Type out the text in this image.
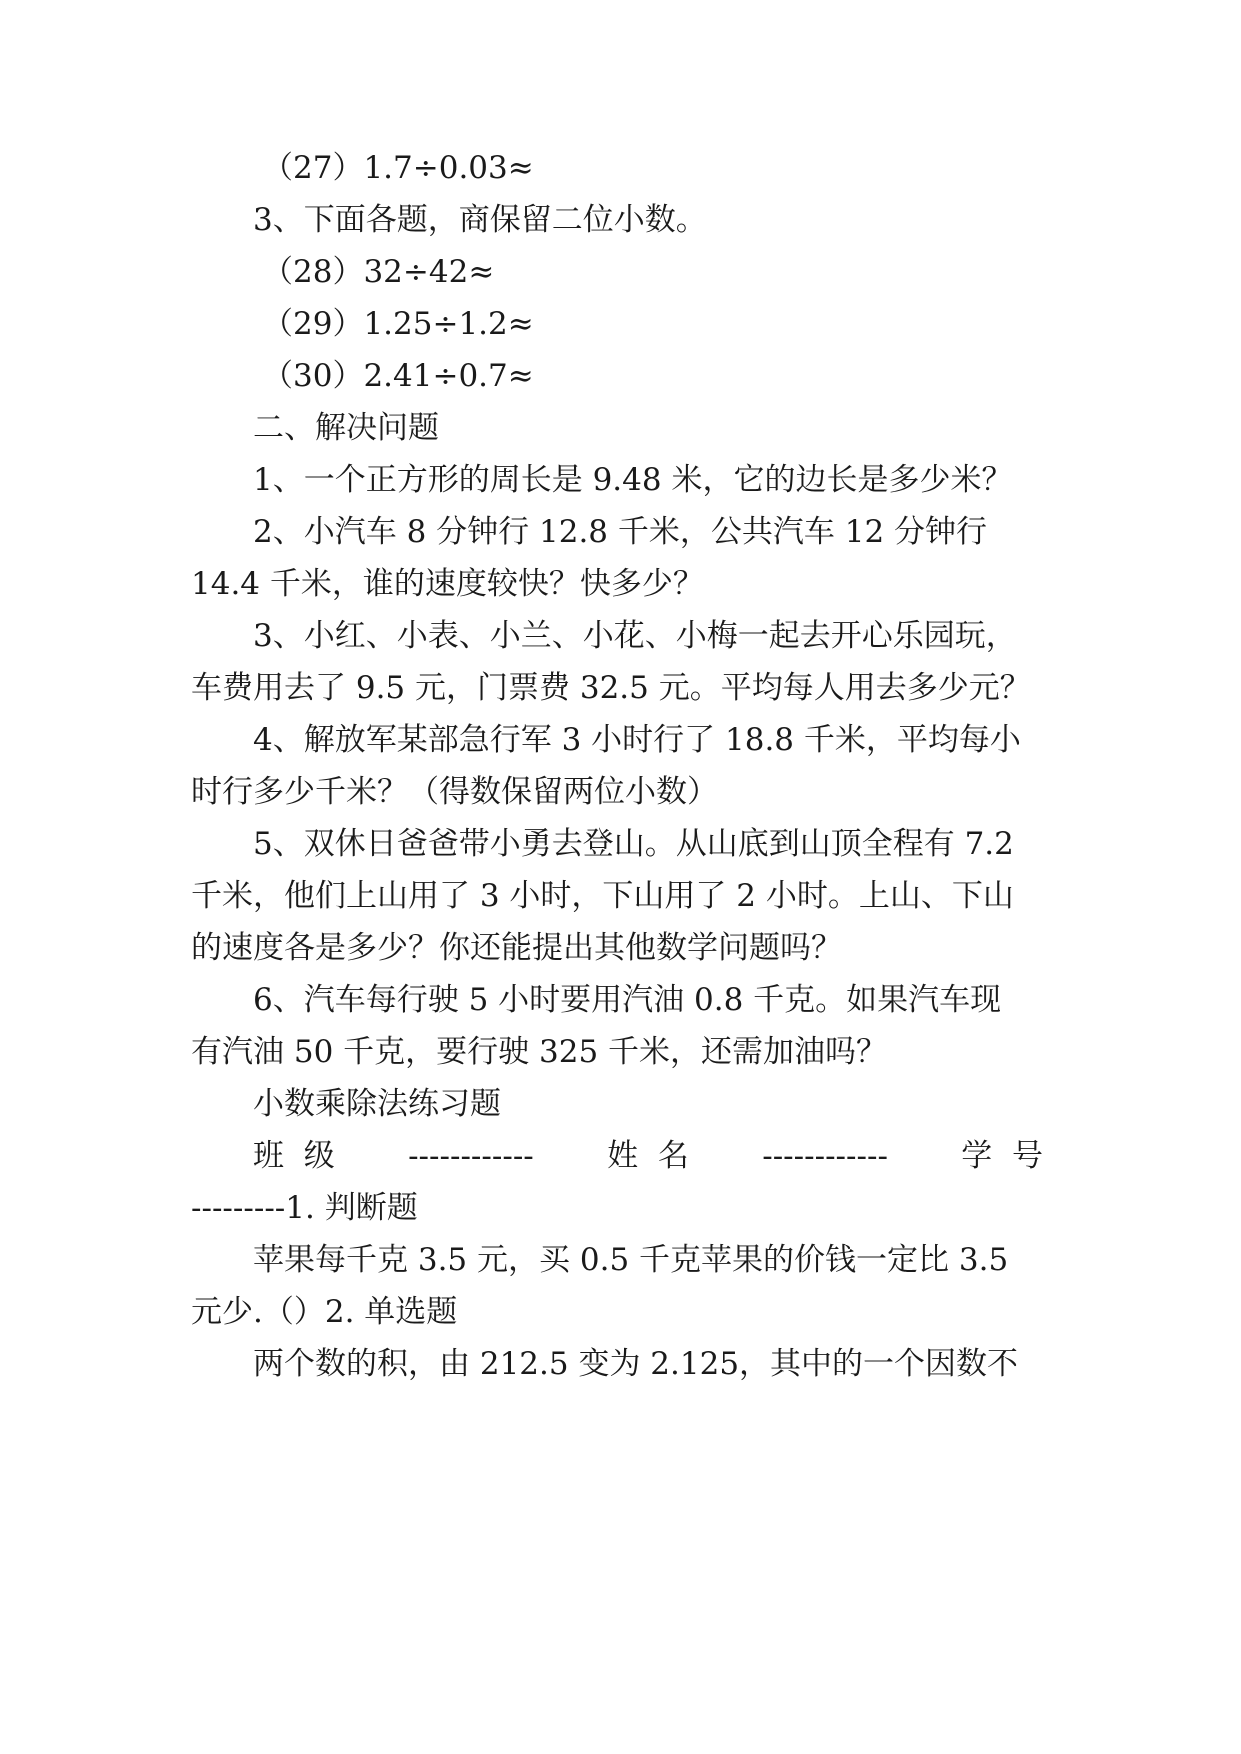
（27）1.7÷0.03≈
3、下面各题，商保留二位小数。
（28）32÷42≈
（29）1.25÷1.2≈
（30）2.41÷0.7≈
二、解决问题
1、一个正方形的周长是 9.48 米，它的边长是多少米？
2、小汽车 8 分钟行 12.8 千米，公共汽车 12 分钟行
14.4 千米，谁的速度较快？快多少？
3、小红、小表、小兰、小花、小梅一起去开心乐园玩，
车费用去了 9.5 元，门票费 32.5 元。平均每人用去多少元？
4、解放军某部急行军 3 小时行了 18.8 千米，平均每小
时行多少千米？（得数保留两位小数）
5、双休日爸爸带小勇去登山。从山底到山顶全程有 7.2
千米，他们上山用了 3 小时，下山用了 2 小时。上山、下山
的速度各是多少？你还能提出其他数学问题吗？
6、汽车每行驶 5 小时要用汽油 0.8 千克。如果汽车现
有汽油 50 千克，要行驶 325 千米，还需加油吗？
小数乘除法练习题
班  级 ------------ 姓  名 ------------ 学  号
---------1. 判断题
苹果每千克 3.5 元，买 0.5 千克苹果的价钱一定比 3.5
元少.（）2. 单选题
两个数的积，由 212.5 变为 2.125，其中的一个因数不
